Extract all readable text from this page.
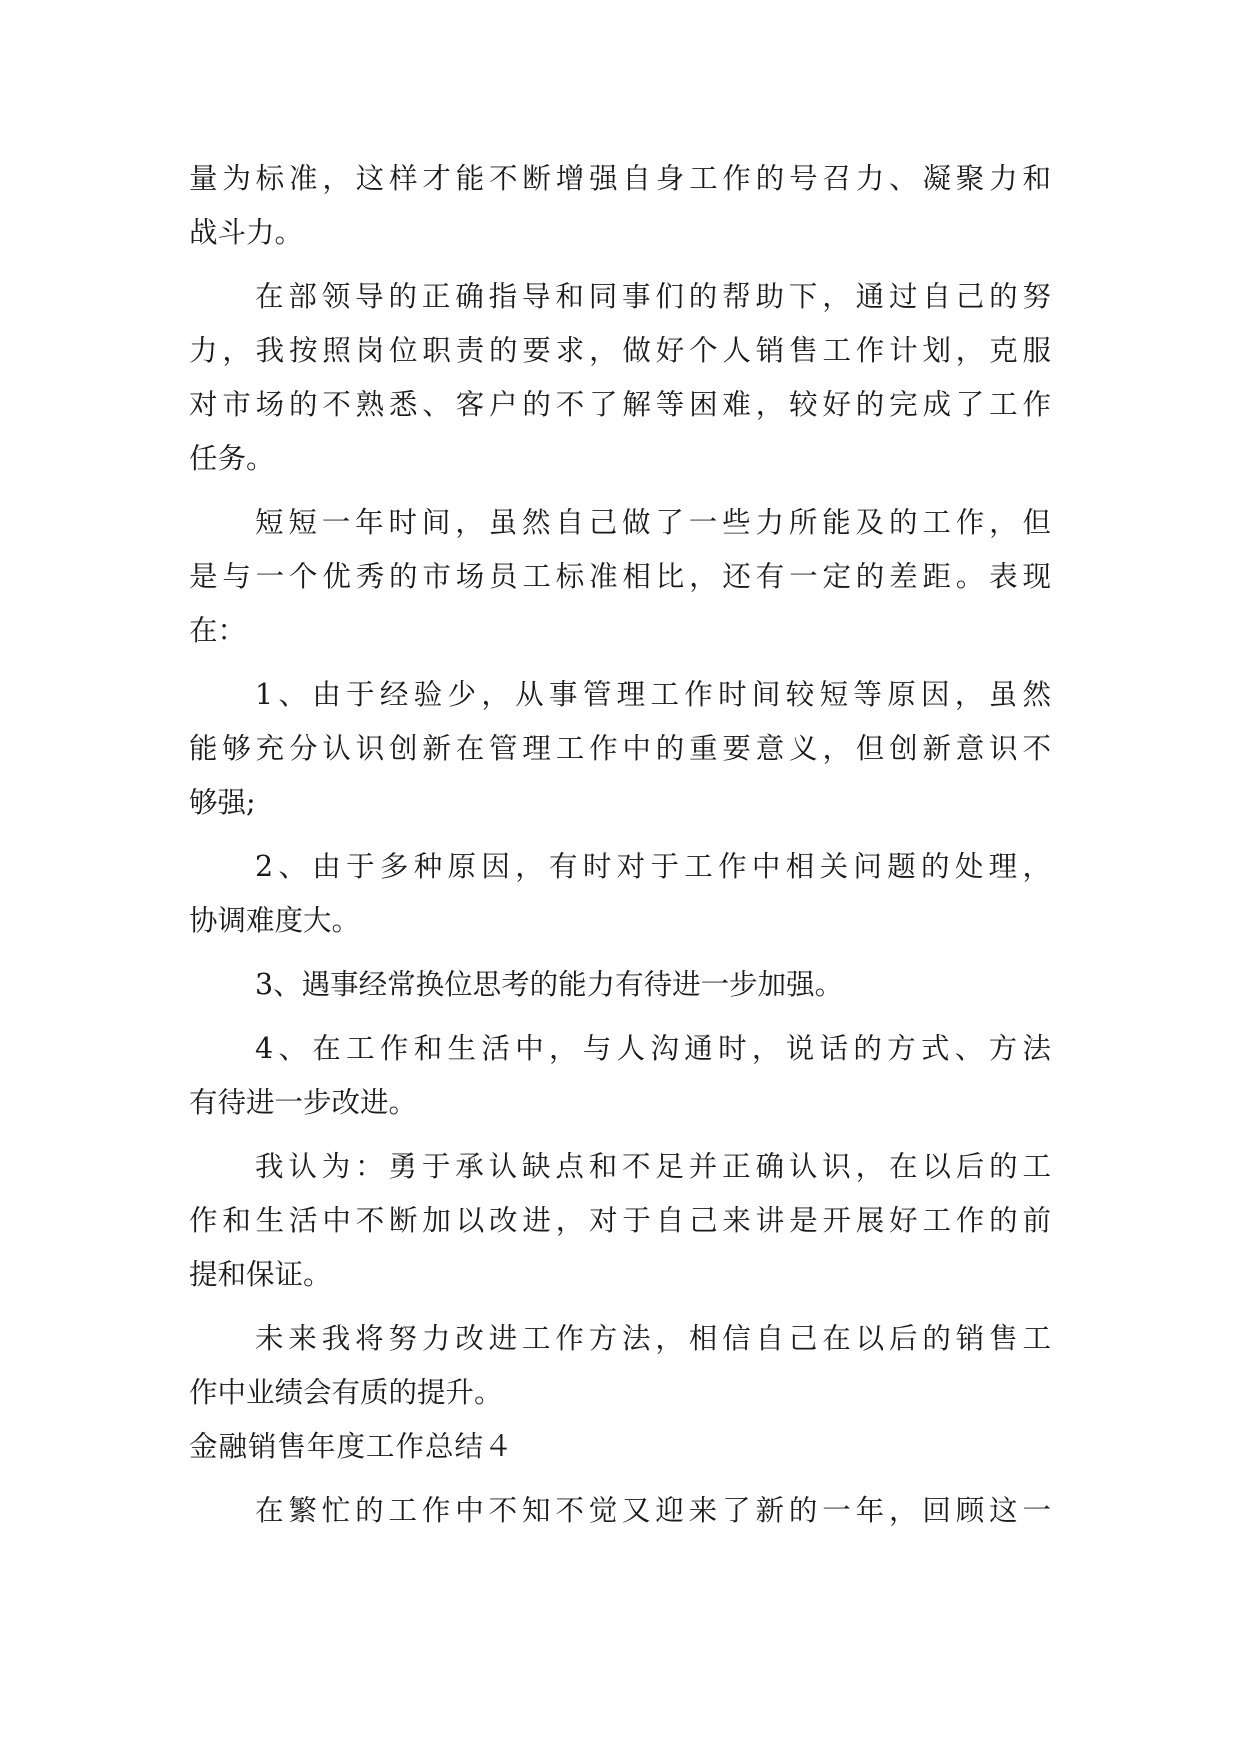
量为标准，这样才能不断增强自身工作的号召力、凝聚力和
战斗力。
在部领导的正确指导和同事们的帮助下，通过自己的努
力，我按照岗位职责的要求，做好个人销售工作计划，克服
对市场的不熟悉、客户的不了解等困难，较好的完成了工作
任务。
短短一年时间，虽然自己做了一些力所能及的工作，但
是与一个优秀的市场员工标准相比，还有一定的差距。表现
在：
1、由于经验少，从事管理工作时间较短等原因，虽然
能够充分认识创新在管理工作中的重要意义，但创新意识不
够强;
2、由于多种原因，有时对于工作中相关问题的处理，
协调难度大。
3、遇事经常换位思考的能力有待进一步加强。
4、在工作和生活中，与人沟通时，说话的方式、方法
有待进一步改进。
我认为：勇于承认缺点和不足并正确认识，在以后的工
作和生活中不断加以改进，对于自己来讲是开展好工作的前
提和保证。
未来我将努力改进工作方法，相信自己在以后的销售工
作中业绩会有质的提升。
金融销售年度工作总结４
在繁忙的工作中不知不觉又迎来了新的一年，回顾这一
